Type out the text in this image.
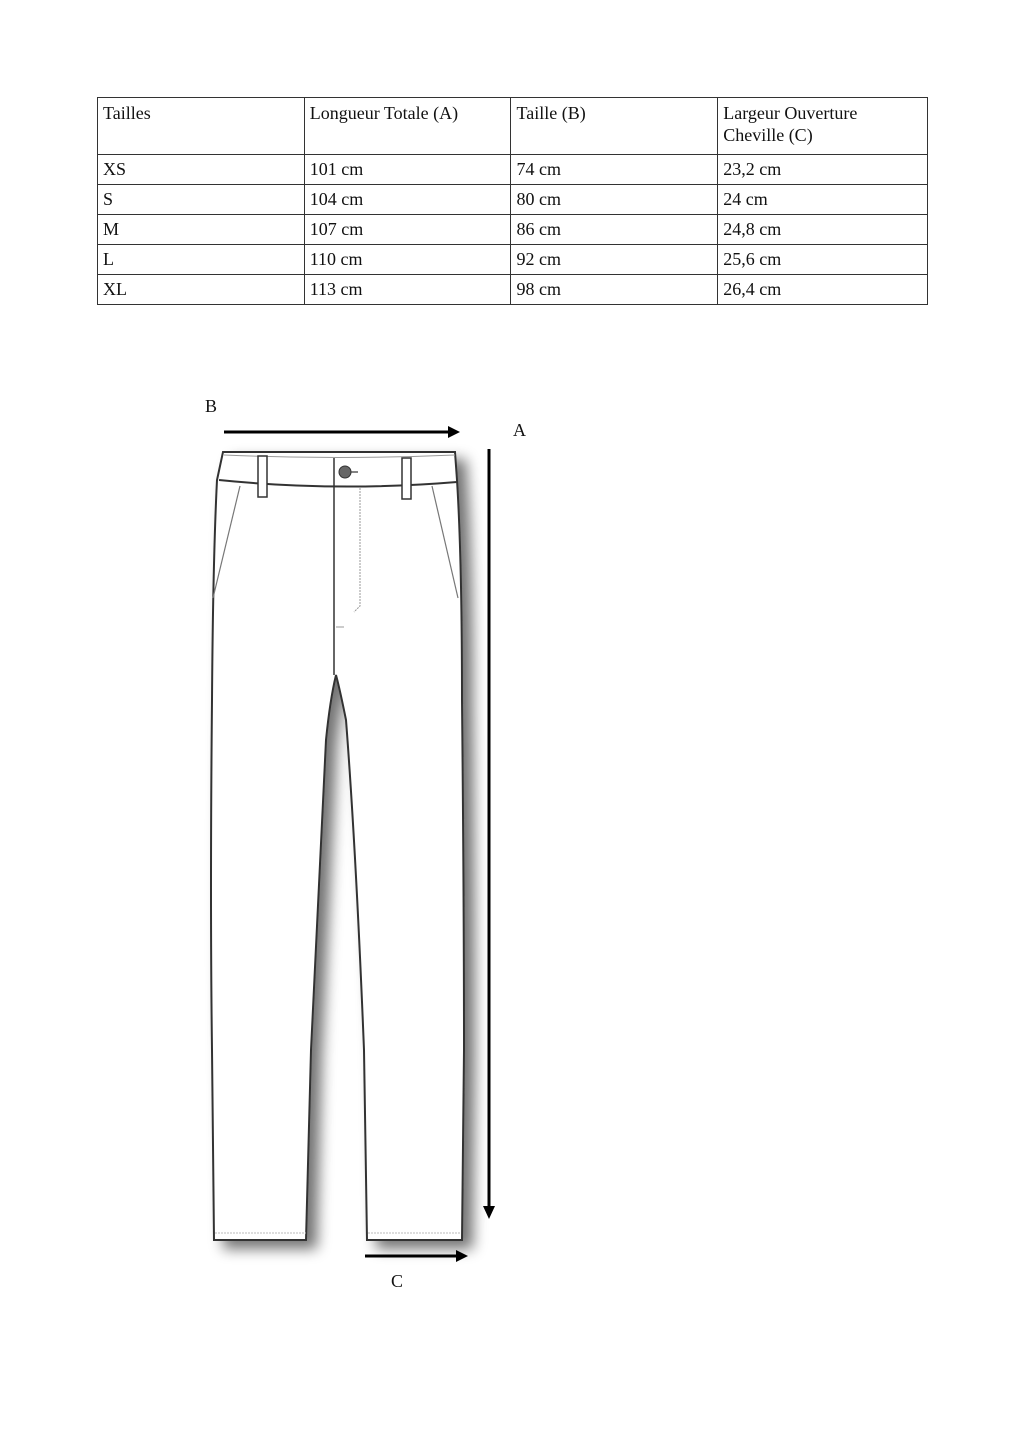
Tailles	Longueur Totale (A)	Taille (B)	Largeur Ouverture Cheville (C)
XS	101 cm	74 cm	23,2 cm
S	104 cm	80 cm	24 cm
M	107 cm	86 cm	24,8 cm
L	110 cm	92 cm	25,6 cm
XL	113 cm	98 cm	26,4 cm
B
A
C
